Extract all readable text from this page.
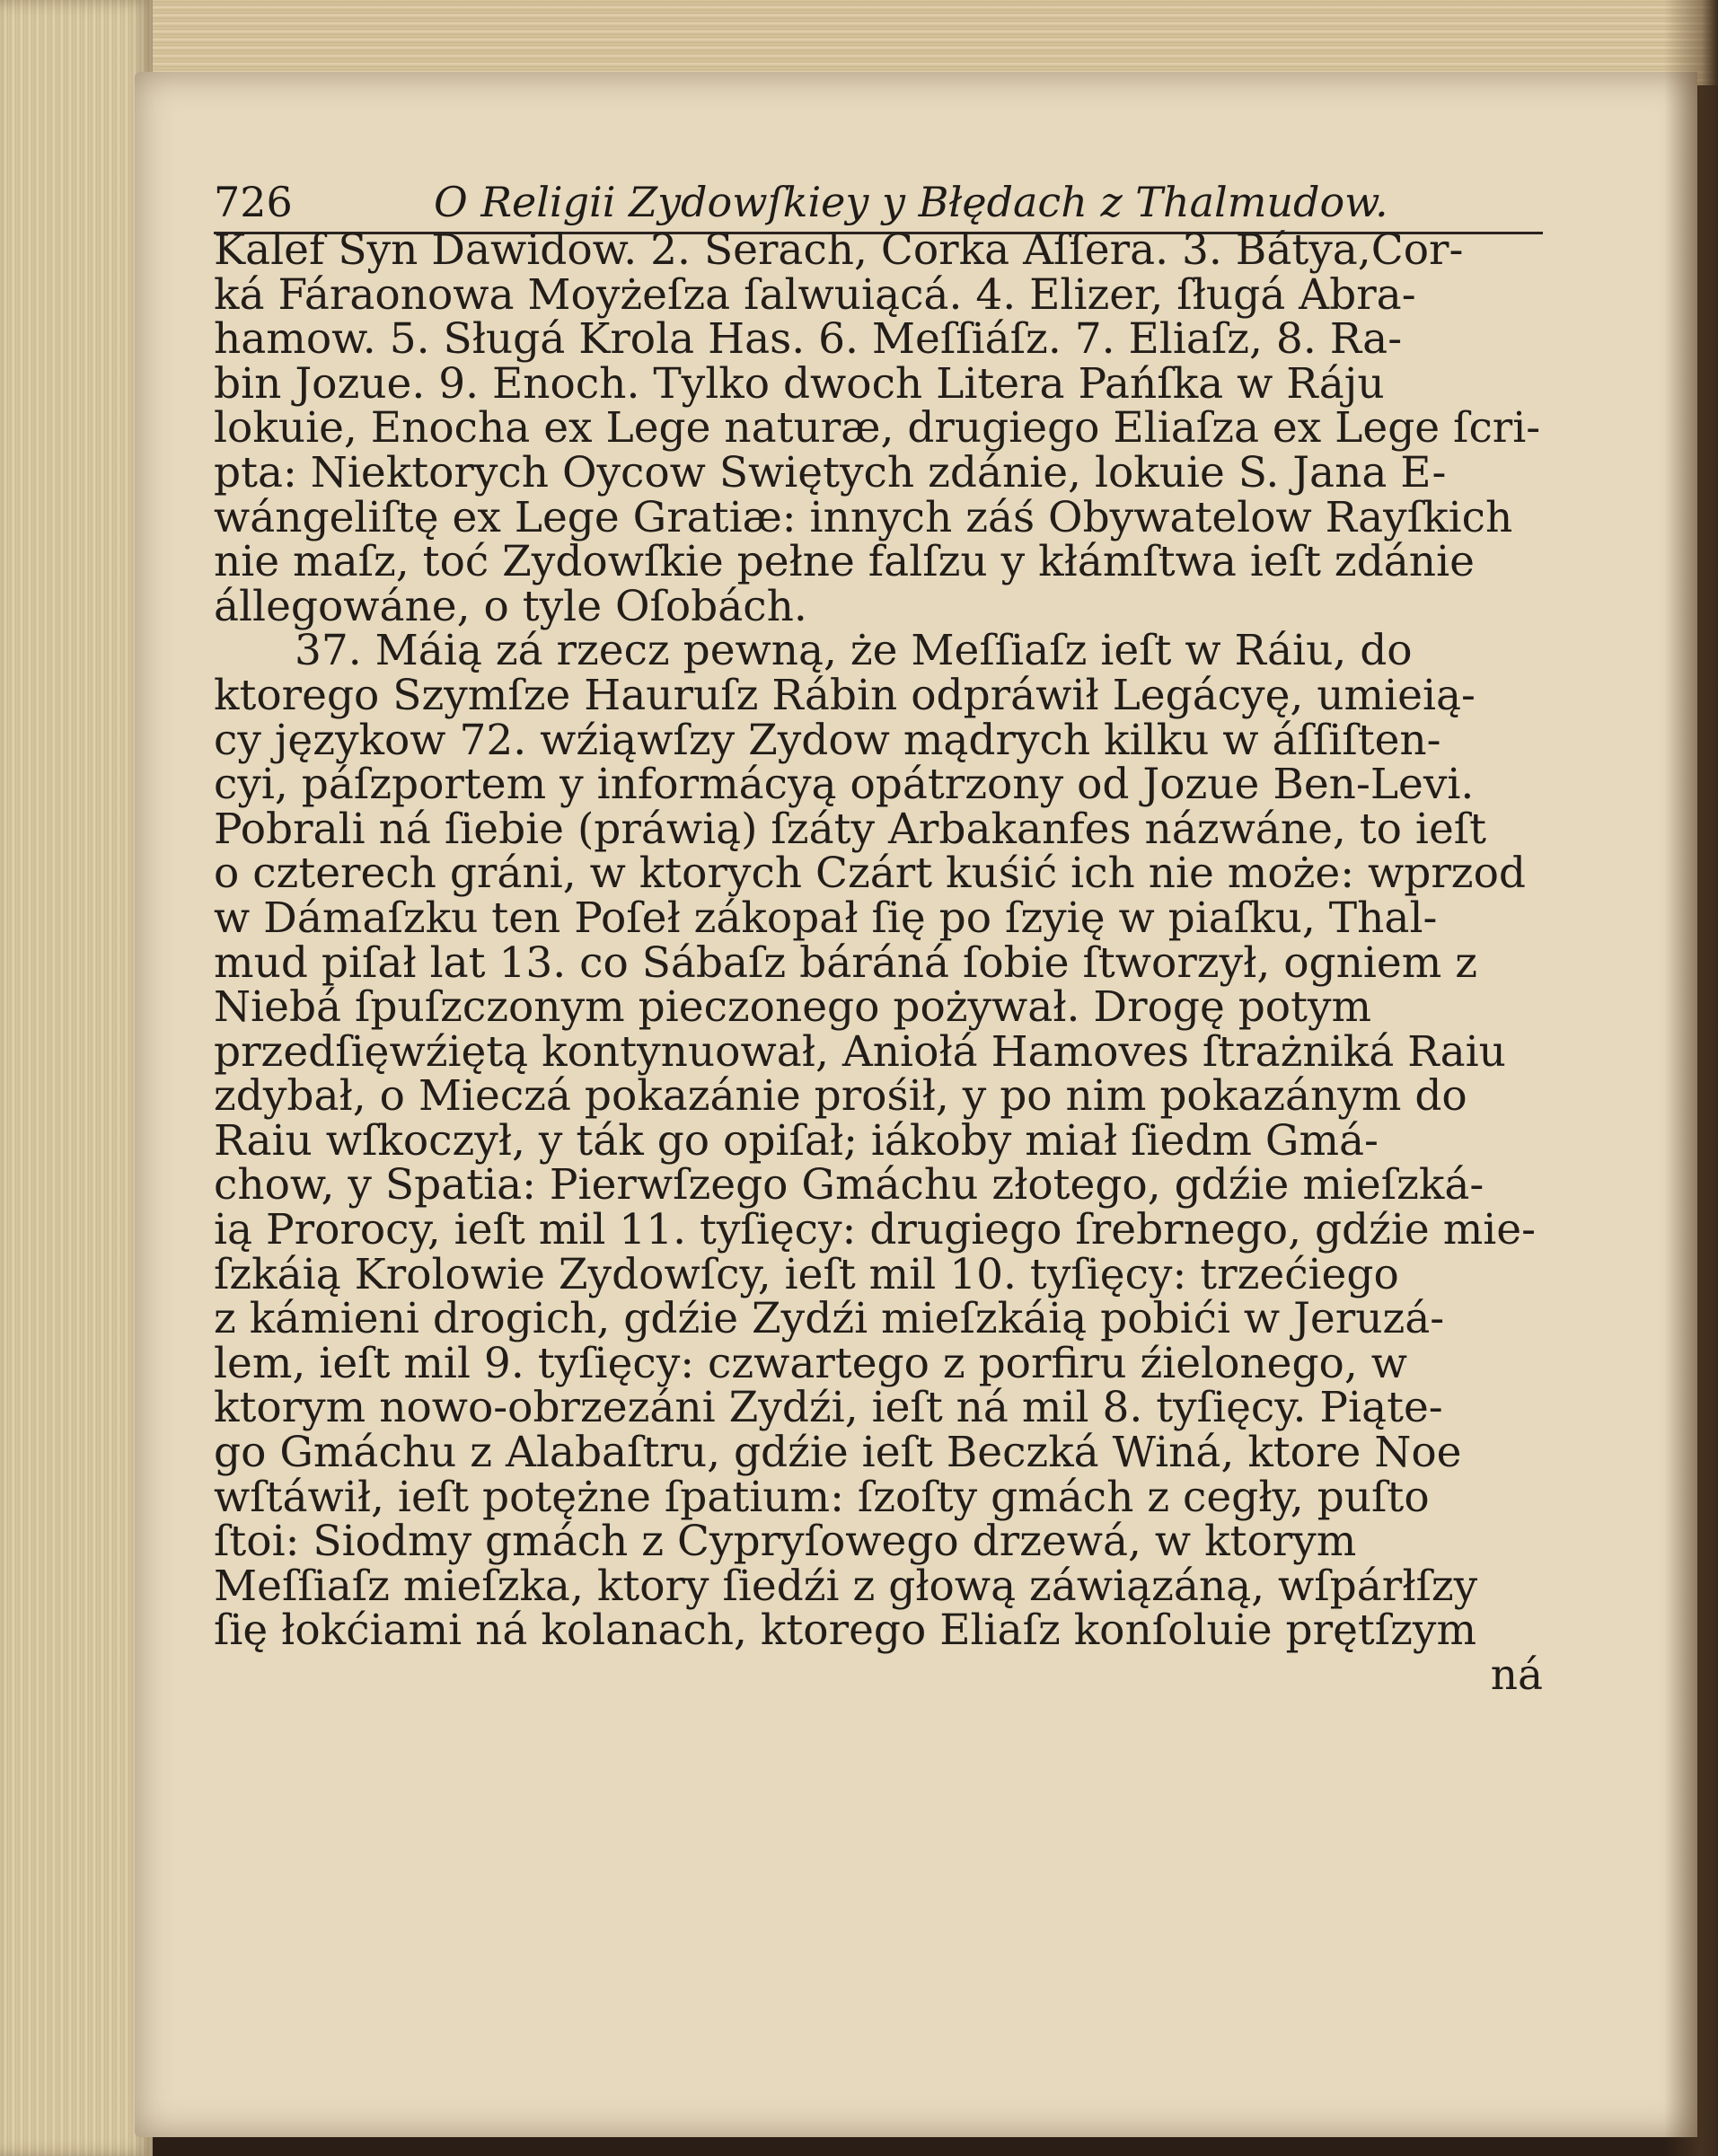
726	O Religii Zydowſkiey y Błędach z Thalmudow.
Kalef Syn Dawidow. 2. Serach, Corka Aſſera. 3. Bátya,Cor-
ká Fáraonowa Moyżeſza ſalwuiącá. 4. Elizer, ſługá Abra-
hamow. 5. Sługá Krola Has. 6. Meſſiáſz. 7. Eliaſz, 8. Ra-
bin Jozue. 9. Enoch. Tylko dwoch Litera Pańſka w Ráju
lokuie, Enocha ex Lege naturæ, drugiego Eliaſza ex Lege ſcri-
pta: Niektorych Oycow Swiętych zdánie, lokuie S. Jana E-
wángeliſtę ex Lege Gratiæ: innych záś Obywatelow Rayſkich
nie maſz, toć Zydowſkie pełne falſzu y kłámſtwa ieſt zdánie
állegowáne, o tyle Oſobách.
37. Máią zá rzecz pewną, że Meſſiaſz ieſt w Ráiu, do
ktorego Szymſze Hauruſz Rábin odpráwił Legácyę, umieią-
cy językow 72. wźiąwſzy Zydow mądrych kilku w áſſiſten-
cyi, páſzportem y informácyą opátrzony od Jozue Ben-Levi.
Pobrali ná ſiebie (práwią) ſzáty Arbakanfes názwáne, to ieſt
o czterech gráni, w ktorych Czárt kuśić ich nie może: wprzod
w Dámaſzku ten Poſeł zákopał ſię po ſzyię w piaſku, Thal-
mud piſał lat 13. co Sábaſz báráná ſobie ſtworzył, ogniem z
Niebá ſpuſzczonym pieczonego pożywał. Drogę potym
przedſięwźiętą kontynuował, Aniołá Hamoves ſtrażniká Raiu
zdybał, o Mieczá pokazánie prośił, y po nim pokazánym do
Raiu wſkoczył, y ták go opiſał; iákoby miał ſiedm Gmá-
chow, y Spatia: Pierwſzego Gmáchu złotego, gdźie mieſzká-
ią Prorocy, ieſt mil 11. tyſięcy: drugiego ſrebrnego, gdźie mie-
ſzkáią Krolowie Zydowſcy, ieſt mil 10. tyſięcy: trzećiego
z kámieni drogich, gdźie Zydźi mieſzkáią pobići w Jeruzá-
lem, ieſt mil 9. tyſięcy: czwartego z porfiru źielonego, w
ktorym nowo-obrzezáni Zydźi, ieſt ná mil 8. tyſięcy. Piąte-
go Gmáchu z Alabaſtru, gdźie ieſt Beczká Winá, ktore Noe
wſtáwił, ieſt potężne ſpatium: ſzoſty gmách z cegły, puſto
ſtoi: Siodmy gmách z Cypryſowego drzewá, w ktorym
Meſſiaſz mieſzka, ktory ſiedźi z głową záwiązáną, wſpárłſzy
ſię łokćiami ná kolanach, ktorego Eliaſz konſoluie prętſzym
ná
